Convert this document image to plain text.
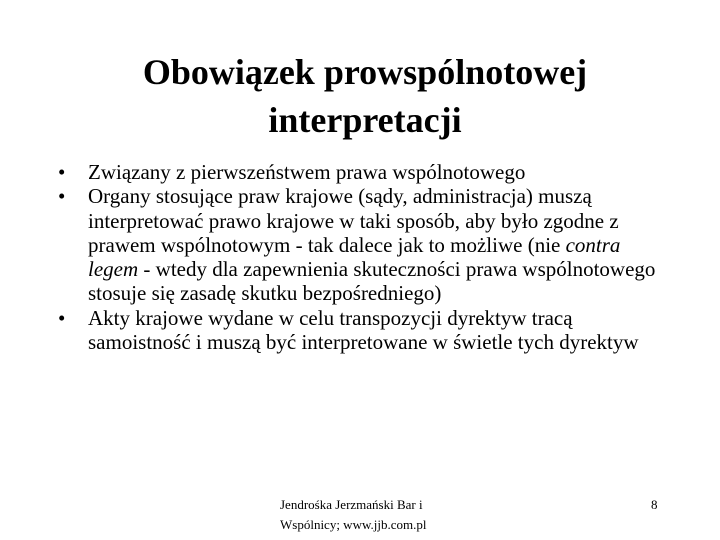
Obowiązek prowspólnotowej
interpretacji
•	Związany z pierwszeństwem prawa wspólnotowego
•	Organy stosujące praw krajowe (sądy, administracja) muszą interpretować prawo krajowe w taki sposób, aby było zgodne z prawem wspólnotowym - tak dalece jak to możliwe (nie contra legem - wtedy dla zapewnienia skuteczności prawa wspólnotowego stosuje się zasadę skutku bezpośredniego)
•	Akty krajowe wydane w celu transpozycji dyrektyw tracą samoistność i muszą być interpretowane w świetle tych dyrektyw
Jendrośka Jerzmański Bar i
Wspólnicy; www.jjb.com.pl
8
